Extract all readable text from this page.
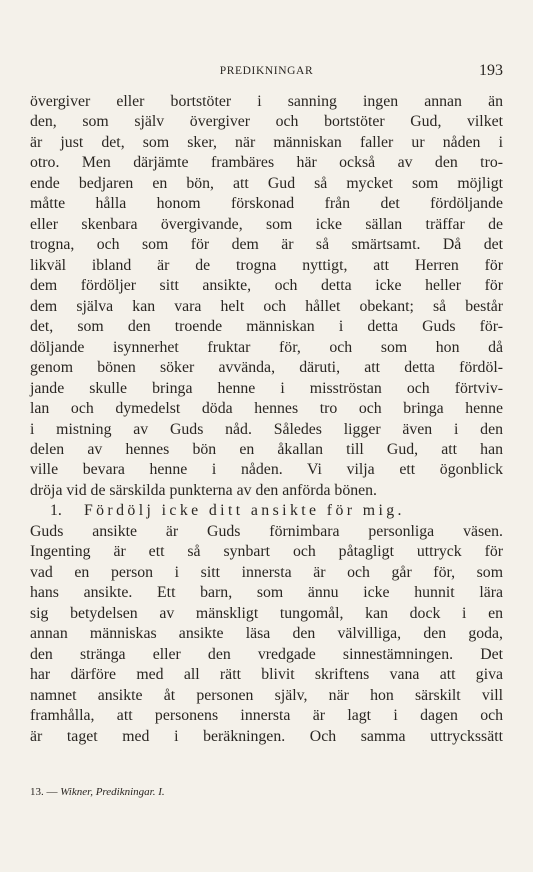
PREDIKNINGAR	193
övergiver eller bortstöter i sanning ingen annan än
den, som själv övergiver och bortstöter Gud, vilket
är just det, som sker, när människan faller ur nåden i
otro. Men därjämte frambäres här också av den tro-
ende bedjaren en bön, att Gud så mycket som möjligt
måtte hålla honom förskonad från det fördöljande
eller skenbara övergivande, som icke sällan träffar de
trogna, och som för dem är så smärtsamt. Då det
likväl ibland är de trogna nyttigt, att Herren för
dem fördöljer sitt ansikte, och detta icke heller för
dem själva kan vara helt och hållet obekant; så består
det, som den troende människan i detta Guds för-
döljande isynnerhet fruktar för, och som hon då
genom bönen söker avvända, däruti, att detta fördöl-
jande skulle bringa henne i misströstan och förtviv-
lan och dymedelst döda hennes tro och bringa henne
i mistning av Guds nåd. Således ligger även i den
delen av hennes bön en åkallan till Gud, att han
ville bevara henne i nåden. Vi vilja ett ögonblick
dröja vid de särskilda punkterna av den anförda bönen.
1. Fördölj icke ditt ansikte för mig.
Guds ansikte är Guds förnimbara personliga väsen.
Ingenting är ett så synbart och påtagligt uttryck för
vad en person i sitt innersta är och går för, som
hans ansikte. Ett barn, som ännu icke hunnit lära
sig betydelsen av mänskligt tungomål, kan dock i en
annan människas ansikte läsa den välvilliga, den goda,
den stränga eller den vredgade sinnestämningen. Det
har därföre med all rätt blivit skriftens vana att giva
namnet ansikte åt personen själv, när hon särskilt vill
framhålla, att personens innersta är lagt i dagen och
är taget med i beräkningen. Och samma uttryckssätt
13. — Wikner, Predikningar. I.
